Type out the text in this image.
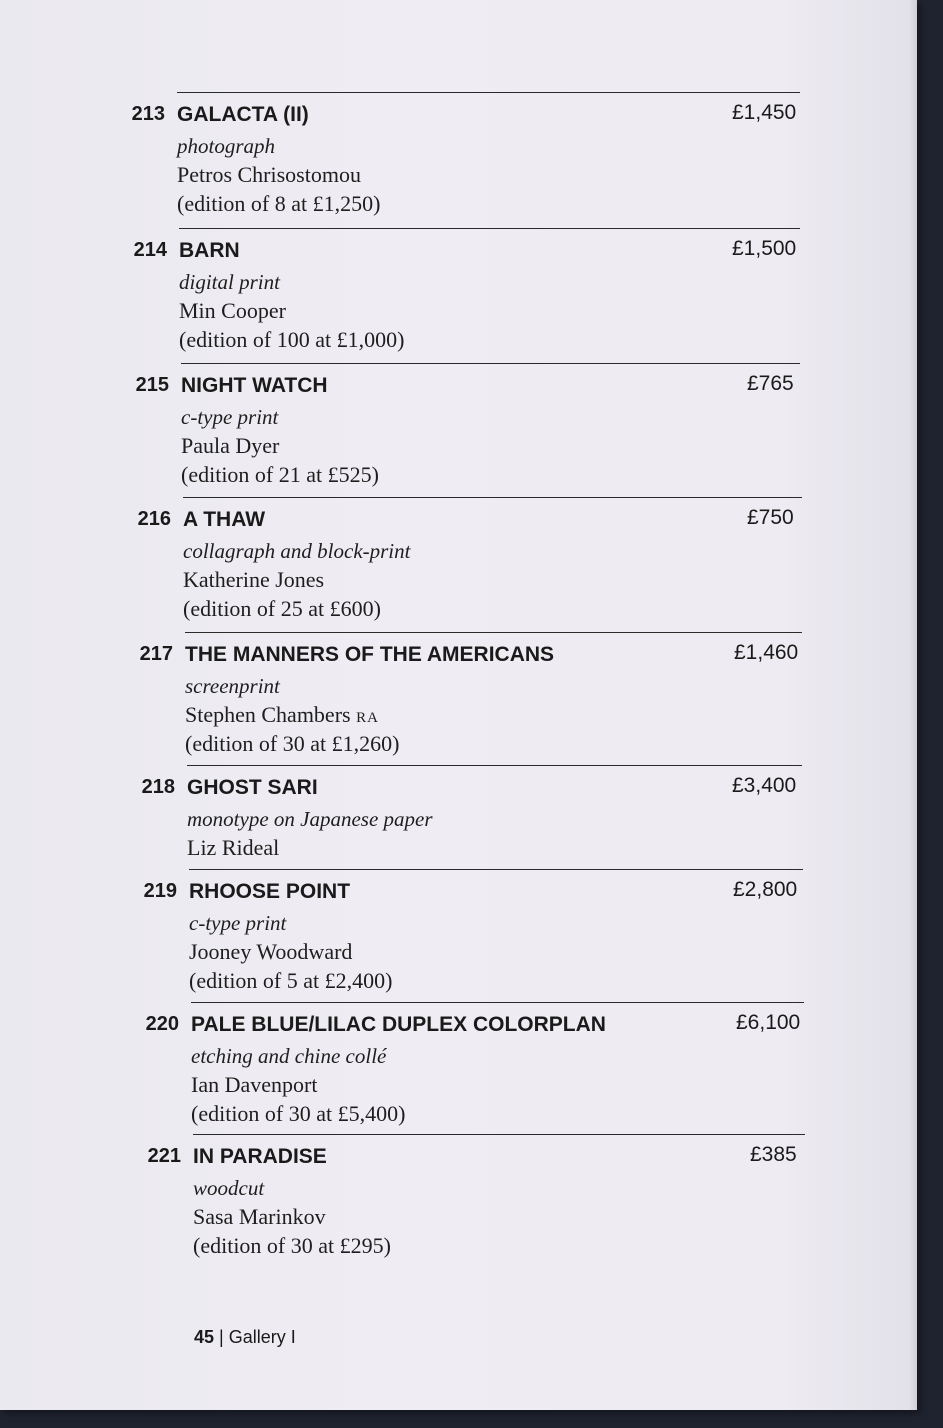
213 GALACTA (II)	£1,450
photograph
Petros Chrisostomou
(edition of 8 at £1,250)
214 BARN	£1,500
digital print
Min Cooper
(edition of 100 at £1,000)
215 NIGHT WATCH	£765
c-type print
Paula Dyer
(edition of 21 at £525)
216 A THAW	£750
collagraph and block-print
Katherine Jones
(edition of 25 at £600)
217 THE MANNERS OF THE AMERICANS	£1,460
screenprint
Stephen Chambers RA
(edition of 30 at £1,260)
218 GHOST SARI	£3,400
monotype on Japanese paper
Liz Rideal
219 RHOOSE POINT	£2,800
c-type print
Jooney Woodward
(edition of 5 at £2,400)
220 PALE BLUE/LILAC DUPLEX COLORPLAN	£6,100
etching and chine collé
Ian Davenport
(edition of 30 at £5,400)
221 IN PARADISE	£385
woodcut
Sasa Marinkov
(edition of 30 at £295)
45 | Gallery I
